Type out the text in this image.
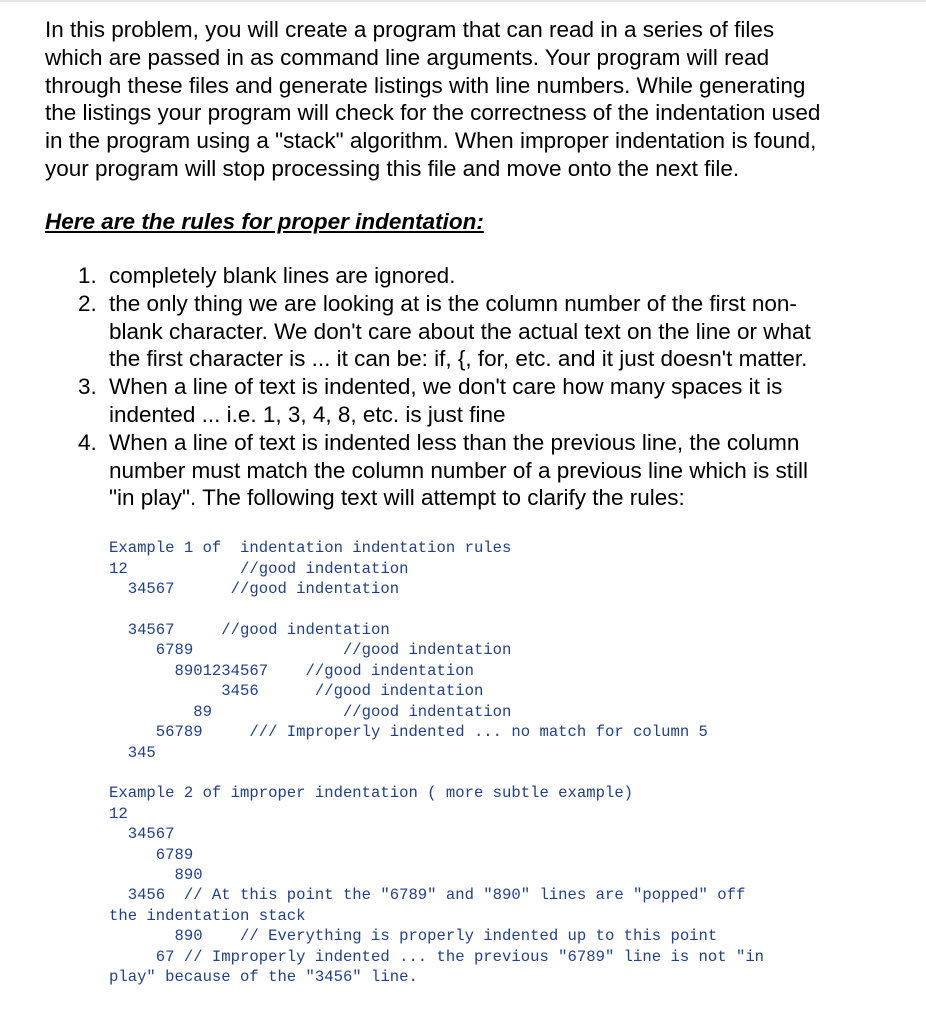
In this problem, you will create a program that can read in a series of files
which are passed in as command line arguments. Your program will read
through these files and generate listings with line numbers. While generating
the listings your program will check for the correctness of the indentation used
in the program using a "stack" algorithm. When improper indentation is found,
your program will stop processing this file and move onto the next file.
Here are the rules for proper indentation:
1. completely blank lines are ignored.
2. the only thing we are looking at is the column number of the first non-
blank character. We don't care about the actual text on the line or what
the first character is ... it can be: if, {, for, etc. and it just doesn't matter.
3. When a line of text is indented, we don't care how many spaces it is
indented ... i.e. 1, 3, 4, 8, etc. is just fine
4. When a line of text is indented less than the previous line, the column
number must match the column number of a previous line which is still
"in play". The following text will attempt to clarify the rules:

Example 1 of  indentation indentation rules

12            //good indentation

34567      //good indentation

34567     //good indentation

6789                //good indentation

8901234567    //good indentation

3456      //good indentation

89              //good indentation

56789     /// Improperly indented ... no match for column 5

345

Example 2 of improper indentation ( more subtle example)

12

34567

6789

890

3456  // At this point the "6789" and "890" lines are "popped" off

the indentation stack

890    // Everything is properly indented up to this point

67 // Improperly indented ... the previous "6789" line is not "in

play" because of the "3456" line.
